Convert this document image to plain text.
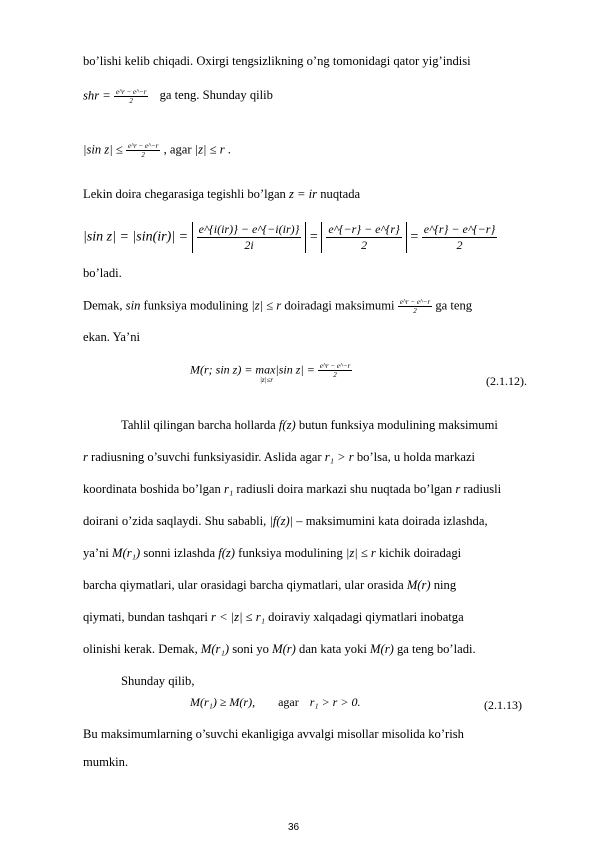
bo’lishi kelib chiqadi. Oxirgi tengsizlikning o’ng tomonidagi qator yig’indisi
shr = $\frac{e\^{}r - e\^{}-r}{2}$ ga teng. Shunday qilib
|sin $z| \le \frac{e\^{}r - e\^{}-r}{2}$ , agar |z| ≤ r .
Lekin doira chegarasiga tegishli bo’lgan z = ir nuqtada
|sin $z| = |\sin(ir)| = \frac{e\^{}\{i(ir)\} - e\^{}\{-i(ir)\}}{2i} = \frac{e\^{}\{-r\} - e\^{}\{r\}}{2} = \frac{e\^{}\{r\} - e\^{}\{-r\}}{2}$
bo’ladi.
Demak, sin funksiya modulining |z| ≤ r doiradagi maksimumi $\frac{e\^{}r - e\^{}-r}{2}$ ga teng
ekan. Ya’ni
M(r; sin z) = max|sin $z| = \frac{e\^{}r - e\^{}-r}{2}$
|z|≤r	(2.1.12).
Tahlil qilingan barcha hollarda f(z) butun funksiya modulining maksimumi
r radiusning o’suvchi funksiyasidir. Aslida agar r₁ > r bo’lsa, u holda markazi
koordinata boshida bo’lgan r₁ radiusli doira markazi shu nuqtada bo’lgan r radiusli
doirani o’zida saqlaydi. Shu sababli, |f(z)| – maksimumini kata doirada izlashda,
ya’ni M(r₁) sonni izlashda f(z) funksiya modulining |z| ≤ r kichik doiradagi
barcha qiymatlari, ular orasidagi barcha qiymatlari, ular orasida M(r) ning
qiymati, bundan tashqari r < |z| ≤ r₁ doiraviy xalqadagi qiymatlari inobatga
olinishi kerak. Demak, M(r₁) soni yo M(r) dan kata yoki M(r) ga teng bo’ladi.
Shunday qilib,
M(r₁) ≥ M(r), agar r₁ > r > 0.	(2.1.13)
Bu maksimumlarning o’suvchi ekanligiga avvalgi misollar misolida ko’rish
mumkin.
36
